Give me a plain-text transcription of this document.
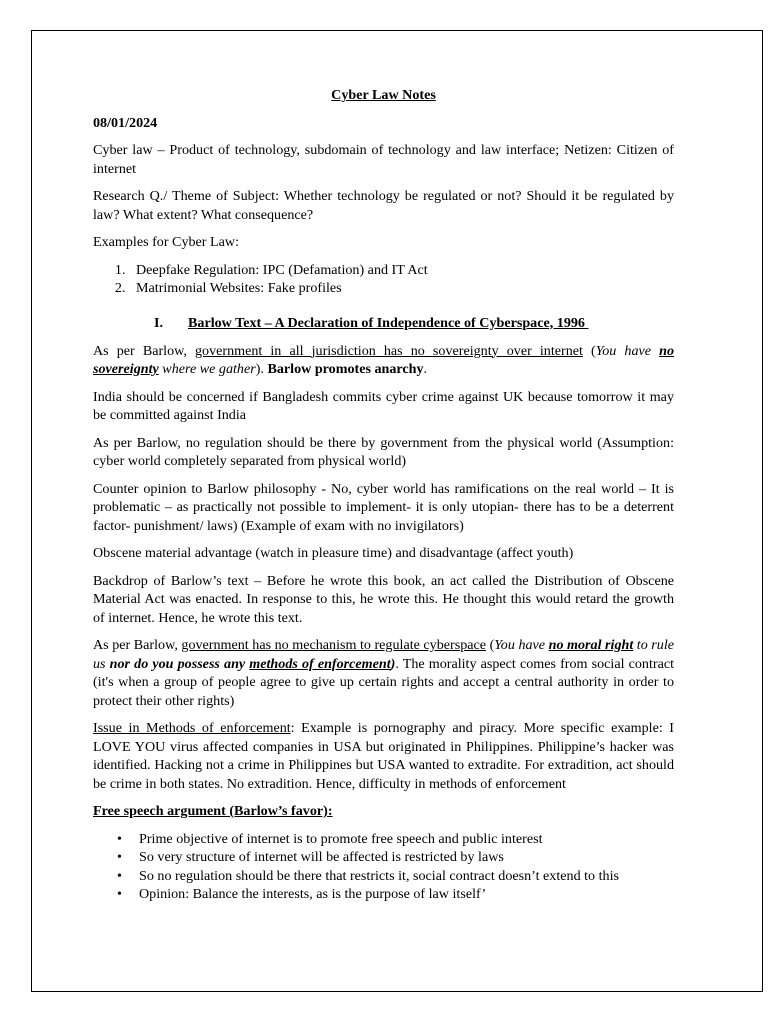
Cyber Law Notes
08/01/2024

Cyber law – Product of technology, subdomain of technology and law interface; Netizen: Citizen of internet

Research Q./ Theme of Subject: Whether technology be regulated or not? Should it be regulated by law? What extent? What consequence?

Examples for Cyber Law:

1. Deepfake Regulation: IPC (Defamation) and IT Act
2. Matrimonial Websites: Fake profiles
I. Barlow Text – A Declaration of Independence of Cyberspace, 1996

As per Barlow, government in all jurisdiction has no sovereignty over internet (You have no sovereignty where we gather). Barlow promotes anarchy.

India should be concerned if Bangladesh commits cyber crime against UK because tomorrow it may be committed against India

As per Barlow, no regulation should be there by government from the physical world (Assumption: cyber world completely separated from physical world)

Counter opinion to Barlow philosophy - No, cyber world has ramifications on the real world – It is problematic – as practically not possible to implement- it is only utopian- there has to be a deterrent factor- punishment/ laws) (Example of exam with no invigilators)

Obscene material advantage (watch in pleasure time) and disadvantage (affect youth)

Backdrop of Barlow’s text – Before he wrote this book, an act called the Distribution of Obscene Material Act was enacted. In response to this, he wrote this. He thought this would retard the growth of internet. Hence, he wrote this text.

As per Barlow, government has no mechanism to regulate cyberspace (You have no moral right to rule us nor do you possess any methods of enforcement). The morality aspect comes from social contract (it's when a group of people agree to give up certain rights and accept a central authority in order to protect their other rights)

Issue in Methods of enforcement: Example is pornography and piracy. More specific example: I LOVE YOU virus affected companies in USA but originated in Philippines. Philippine’s hacker was identified. Hacking not a crime in Philippines but USA wanted to extradite. For extradition, act should be crime in both states. No extradition. Hence, difficulty in methods of enforcement

Free speech argument (Barlow’s favor):
• Prime objective of internet is to promote free speech and public interest
• So very structure of internet will be affected is restricted by laws
• So no regulation should be there that restricts it, social contract doesn’t extend to this
• Opinion: Balance the interests, as is the purpose of law itself’
